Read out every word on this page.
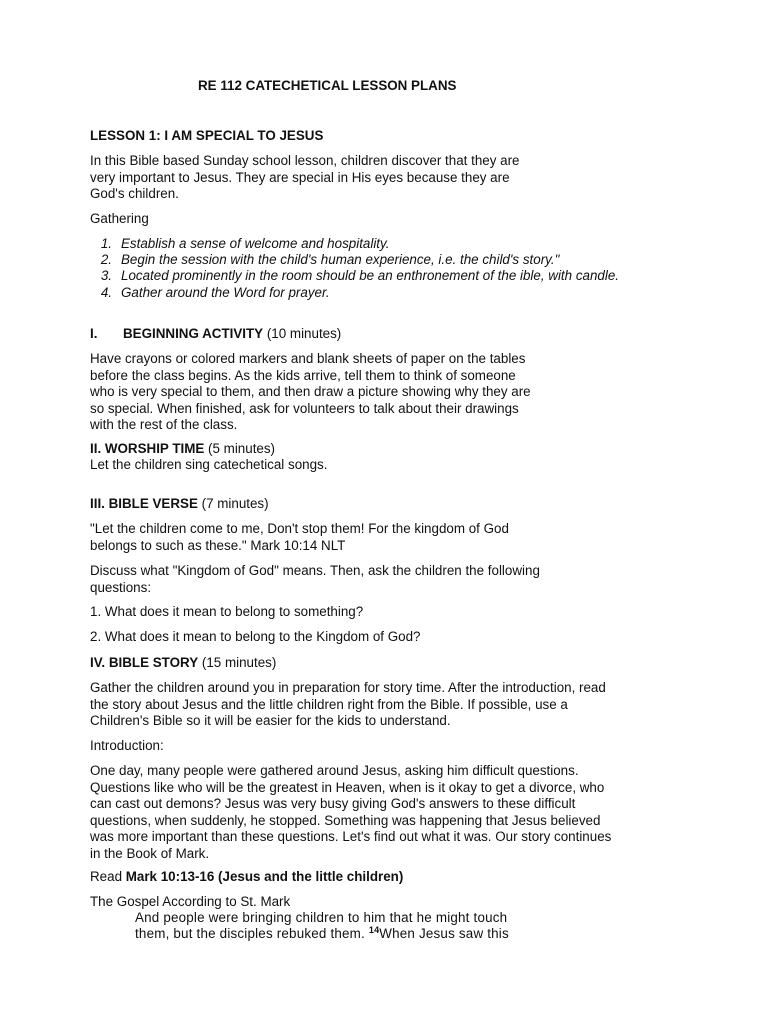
RE 112 CATECHETICAL LESSON PLANS
LESSON 1: I AM SPECIAL TO JESUS
In this Bible based Sunday school lesson, children discover that they are
very important to Jesus. They are special in His eyes because they are
God's children.
Gathering
1. Establish a sense of welcome and hospitality.
2. Begin the session with the child's human experience, i.e. the child's story."
3. Located prominently in the room should be an enthronement of the ible, with candle.
4. Gather around the Word for prayer.
I. BEGINNING ACTIVITY (10 minutes)
Have crayons or colored markers and blank sheets of paper on the tables
before the class begins. As the kids arrive, tell them to think of someone
who is very special to them, and then draw a picture showing why they are
so special. When finished, ask for volunteers to talk about their drawings
with the rest of the class.
II. WORSHIP TIME (5 minutes)
Let the children sing catechetical songs.
III. BIBLE VERSE (7 minutes)
"Let the children come to me, Don't stop them! For the kingdom of God
belongs to such as these." Mark 10:14 NLT
Discuss what "Kingdom of God" means. Then, ask the children the following
questions:
1. What does it mean to belong to something?
2. What does it mean to belong to the Kingdom of God?
IV. BIBLE STORY (15 minutes)
Gather the children around you in preparation for story time. After the introduction, read
the story about Jesus and the little children right from the Bible. If possible, use a
Children's Bible so it will be easier for the kids to understand.
Introduction:
One day, many people were gathered around Jesus, asking him difficult questions.
Questions like who will be the greatest in Heaven, when is it okay to get a divorce, who
can cast out demons? Jesus was very busy giving God's answers to these difficult
questions, when suddenly, he stopped. Something was happening that Jesus believed
was more important than these questions. Let's find out what it was. Our story continues
in the Book of Mark.
Read Mark 10:13-16 (Jesus and the little children)
The Gospel According to St. Mark
And people were bringing children to him that he might touch
them, but the disciples rebuked them. $^{14}$When Jesus saw this
